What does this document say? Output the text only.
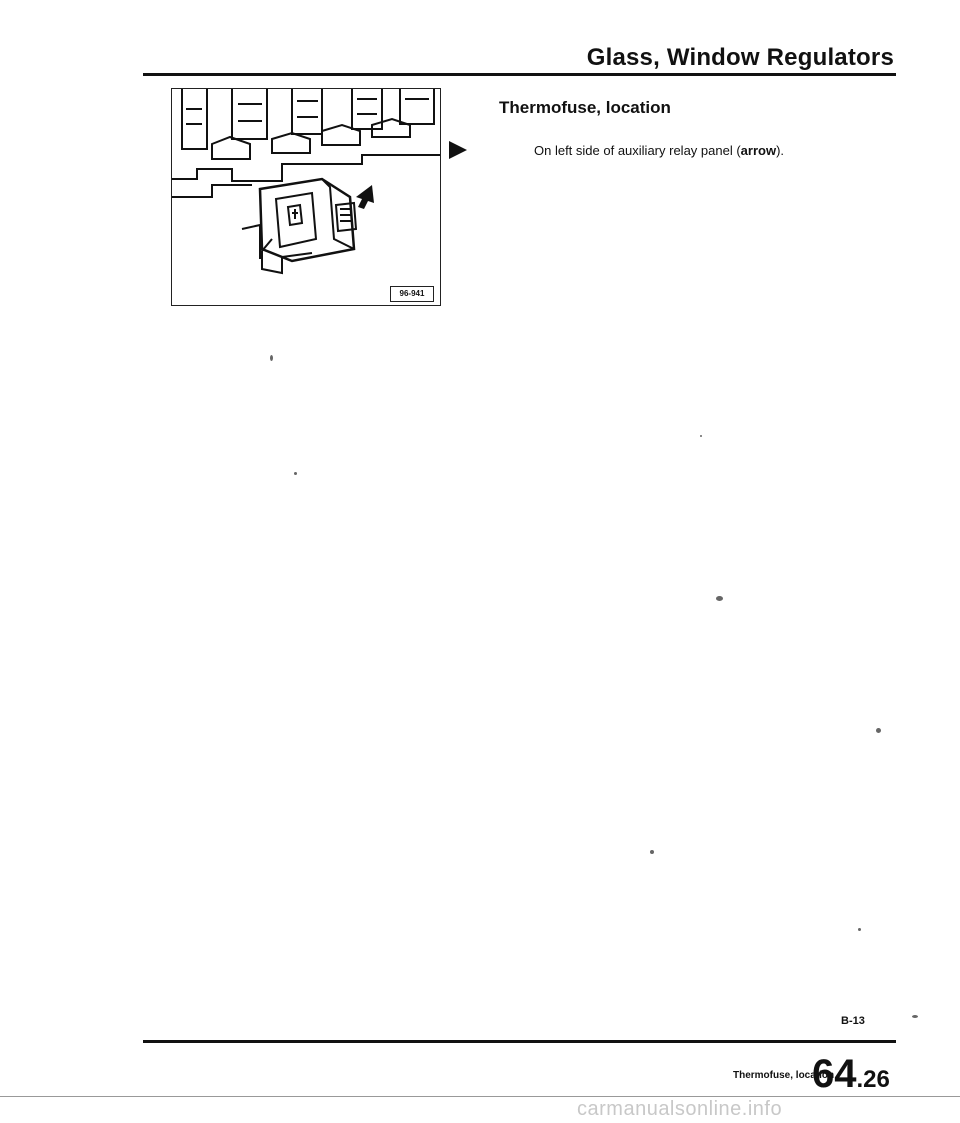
Glass, Window Regulators
96-941
Thermofuse, location
On left side of auxiliary relay panel (arrow).
B-13
Thermofuse, location
64.26
carmanualsonline.info
